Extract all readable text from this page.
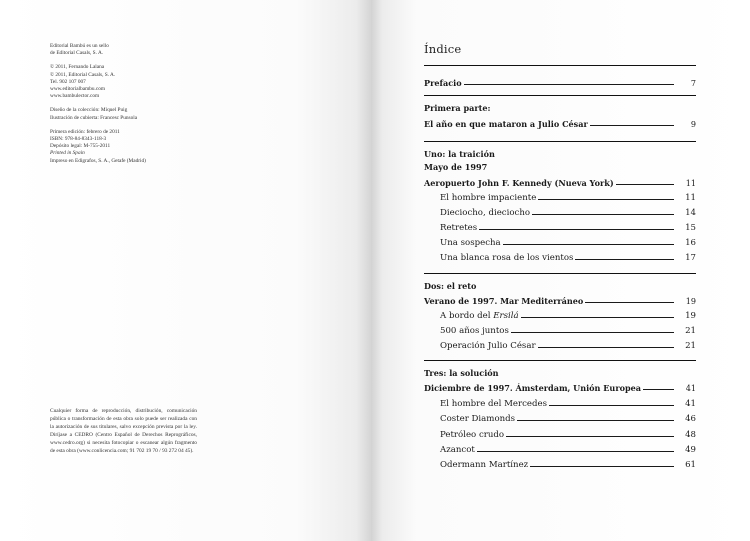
Editorial Bambú es un sello

de Editorial Casals, S. A.

© 2011, Fernando Lalana

© 2011, Editorial Casals, S. A.

Tel. 902 107 007

www.editorialbambu.com

www.bambulector.com

Diseño de la colección: Miquel Puig

Ilustración de cubierta: Francesc Punsola

Primera edición: febrero de 2011

ISBN: 978-84-8343-118-3

Depósito legal: M-755-2011

Printed in Spain

Impreso en Edigrafos, S. A., Getafe (Madrid)

Cualquier forma de reproducción, distribución, comunicación pública o transformación de esta obra solo puede ser realizada con la autorización de sus titulares, salvo excepción prevista por la ley. Diríjase a CEDRO (Centro Español de Derechos Reprográficos, www.cedro.org) si necesita fotocopiar o escanear algún fragmento de esta obra (www.conlicencia.com; 91 702 19 70 / 93 272 04 45).

Índice
Prefacio	7
Primera parte:
El año en que mataron a Julio César	9
Uno: la traición
Mayo de 1997
Aeropuerto John F. Kennedy (Nueva York)	11
El hombre impaciente	11
Dieciocho, dieciocho	14
Retretes	15
Una sospecha	16
Una blanca rosa de los vientos	17
Dos: el reto
Verano de 1997. Mar Mediterráneo	19
A bordo del Ersilá	19
500 años juntos	21
Operación Julio César	21
Tres: la solución
Diciembre de 1997. Ámsterdam, Unión Europea	41
El hombre del Mercedes	41
Coster Diamonds	46
Petróleo crudo	48
Azancot	49
Odermann Martínez	61
